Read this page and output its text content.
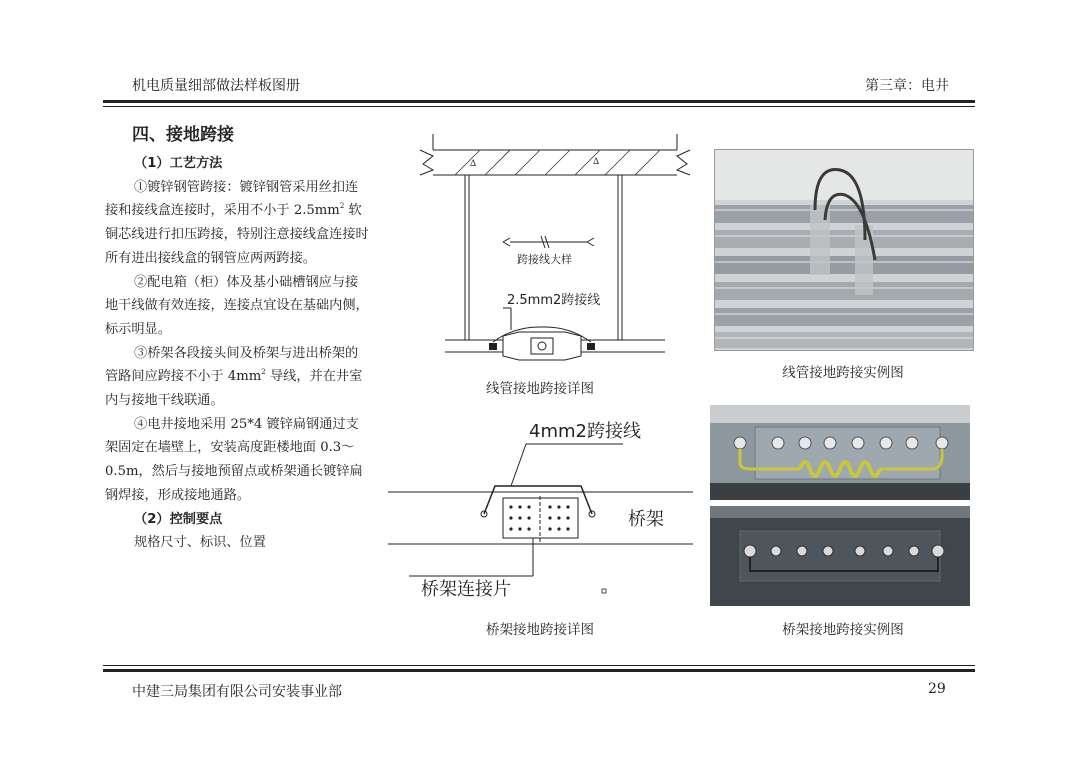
机电质量细部做法样板图册	第三章：电井
四、接地跨接

（1）工艺方法

①镀锌钢管跨接：镀锌钢管采用丝扣连接和接线盒连接时，采用不小于 $2.5mm^2$ 软铜芯线进行扣压跨接，特别注意接线盒连接时所有进出接线盒的钢管应两两跨接。

②配电箱（柜）体及基小础槽钢应与接地干线做有效连接，连接点宜设在基础内侧，标示明显。

③桥架各段接头间及桥架与进出桥架的管路间应跨接不小于 $4mm^2$ 导线，并在井室内与接地干线联通。

④电井接地采用 25*4 镀锌扁钢通过支架固定在墙壁上，安装高度距楼地面 0.3～0.5m，然后与接地预留点或桥架通长镀锌扁钢焊接，形成接地通路。

（2）控制要点

规格尺寸、标识、位置

∆	∆
跨接线大样
2.5mm2跨接线
线管接地跨接详图
线管接地跨接实例图
4mm2跨接线
桥架
桥架连接片
桥架接地跨接详图	桥架接地跨接实例图
中建三局集团有限公司安装事业部	29
